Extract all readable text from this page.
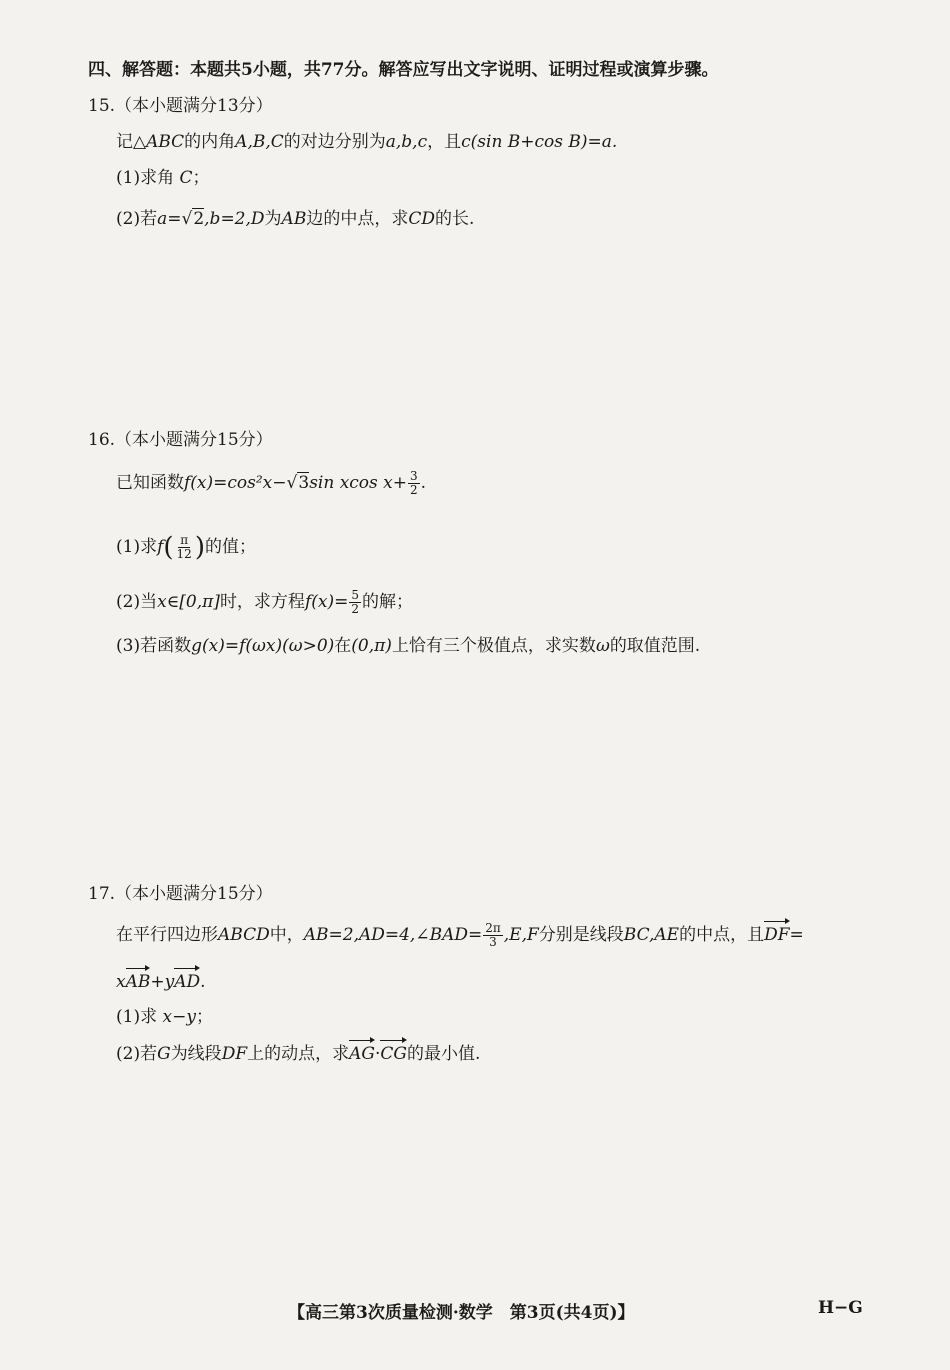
四、解答题：本题共5小题，共77分。解答应写出文字说明、证明过程或演算步骤。
15.（本小题满分13分）
记△ABC的内角A,B,C的对边分别为a,b,c，且c(sin B+cos B)=a.
(1)求角 C；
(2)若a=√2,b=2,D为AB边的中点，求CD的长.
16.（本小题满分15分）
已知函数f(x)=cos²x−√3sin xcos $x+ \frac{3}{2}$ .
(1)求$f( \frac{\pi}{12}$ )的值；
(2)当x∈[0,π]时，求方程$f(x)= \frac{5}{2}$ 的解；
(3)若函数g(x)=f(ωx)(ω>0)在(0,π)上恰有三个极值点，求实数ω的取值范围.
17.（本小题满分15分）
在平行四边形ABCD中，AB=2,AD=4,∠BAD= $\frac{2\pi}{3} ,E,F$分别是线段BC,AE的中点，且DF=
xAB+yAD.
(1)求 x−y；
(2)若G为线段DF上的动点，求AG·CG的最小值.
【高三第3次质量检测·数学　第3页(共4页)】	H−G
